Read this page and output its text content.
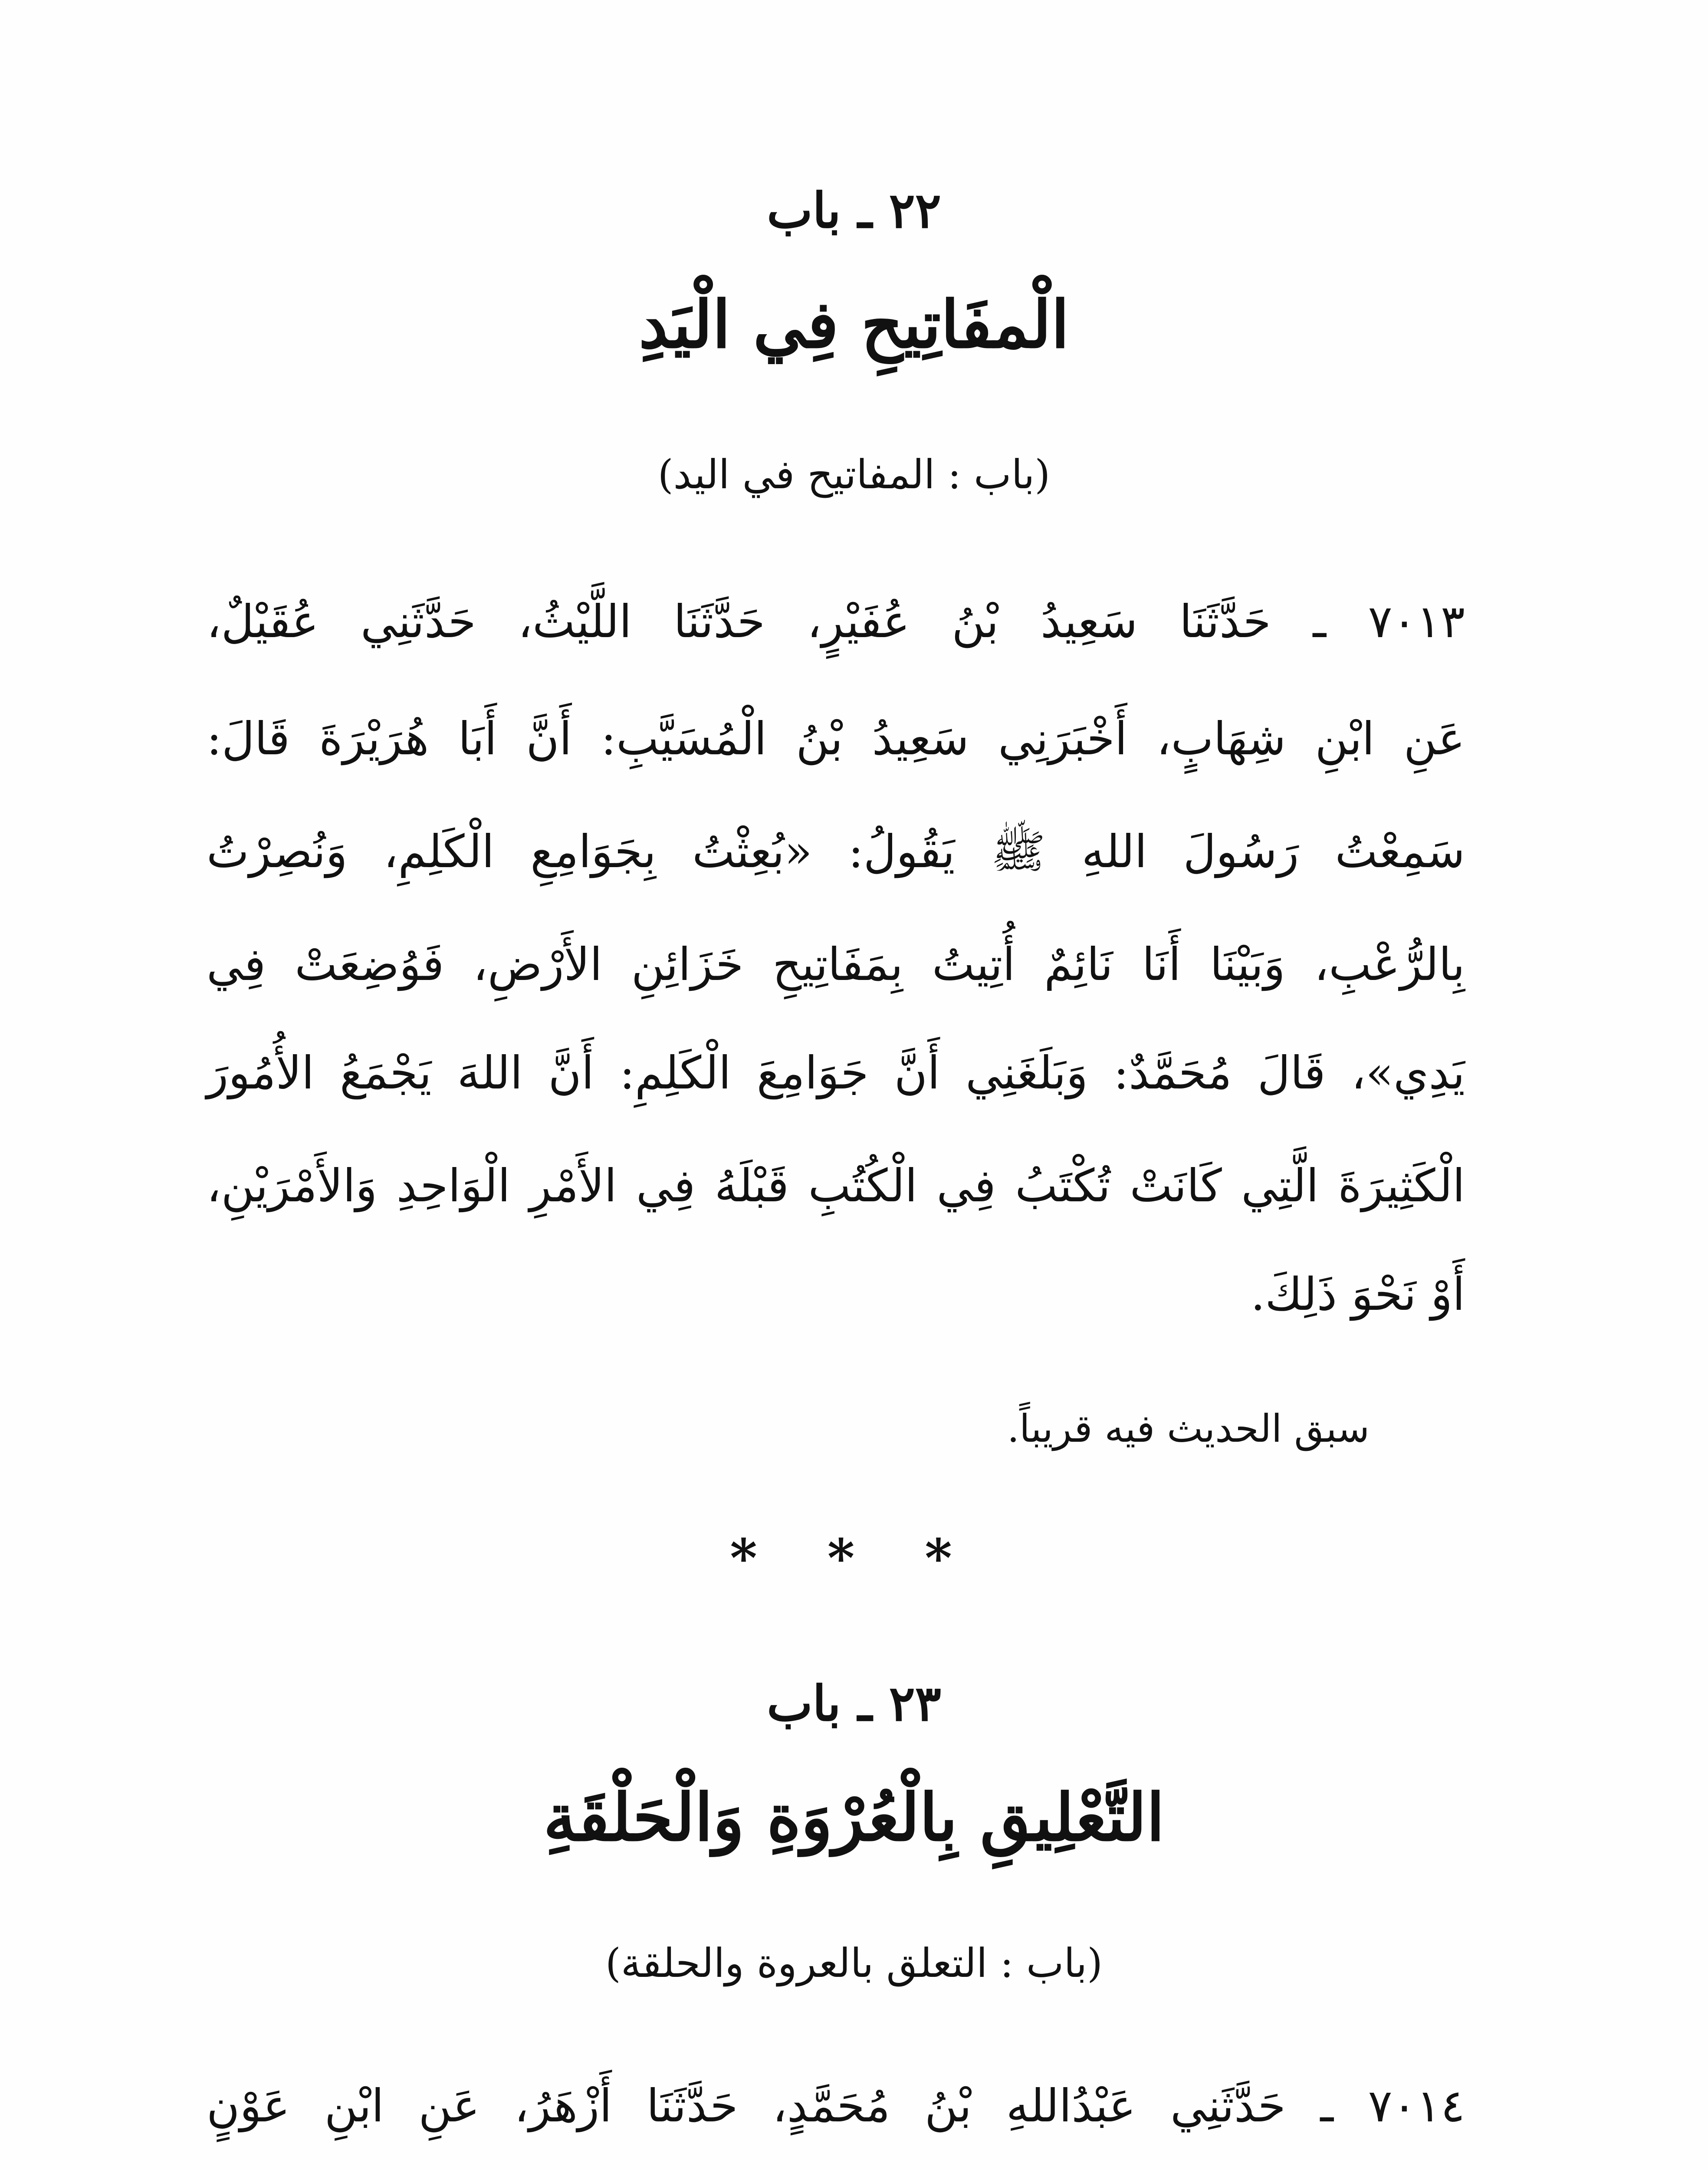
٢٢ ـ باب
الْمفَاتِيحِ فِي الْيَدِ
(باب : المفاتيح في اليد)
٧٠١٣ ـ حَدَّثَنَا سَعِيدُ بْنُ عُفَيْرٍ، حَدَّثَنَا اللَّيْثُ، حَدَّثَنِي عُقَيْلٌ،
عَنِ ابْنِ شِهَابٍ، أَخْبَرَنِي سَعِيدُ بْنُ الْمُسَيَّبِ: أَنَّ أَبَا هُرَيْرَةَ قَالَ:
سَمِعْتُ رَسُولَ اللهِ ﷺ يَقُولُ: «بُعِثْتُ بِجَوَامِعِ الْكَلِمِ، وَنُصِرْتُ
بِالرُّعْبِ، وَبَيْنَا أَنَا نَائِمٌ أُتِيتُ بِمَفَاتِيحِ خَزَائِنِ الأَرْضِ، فَوُضِعَتْ فِي
يَدِي»، قَالَ مُحَمَّدٌ: وَبَلَغَنِي أَنَّ جَوَامِعَ الْكَلِمِ: أَنَّ اللهَ يَجْمَعُ الأُمُورَ
الْكَثِيرَةَ الَّتِي كَانَتْ تُكْتَبُ فِي الْكُتُبِ قَبْلَهُ فِي الأَمْرِ الْوَاحِدِ وَالأَمْرَيْنِ،
أَوْ نَحْوَ ذَلِكَ.
سبق الحديث فيه قريباً.
* * *
٢٣ ـ باب
التَّعْلِيقِ بِالْعُرْوَةِ وَالْحَلْقَةِ
(باب : التعلق بالعروة والحلقة)
٧٠١٤ ـ حَدَّثَنِي عَبْدُاللهِ بْنُ مُحَمَّدٍ، حَدَّثَنَا أَزْهَرُ، عَنِ ابْنِ عَوْنٍ
